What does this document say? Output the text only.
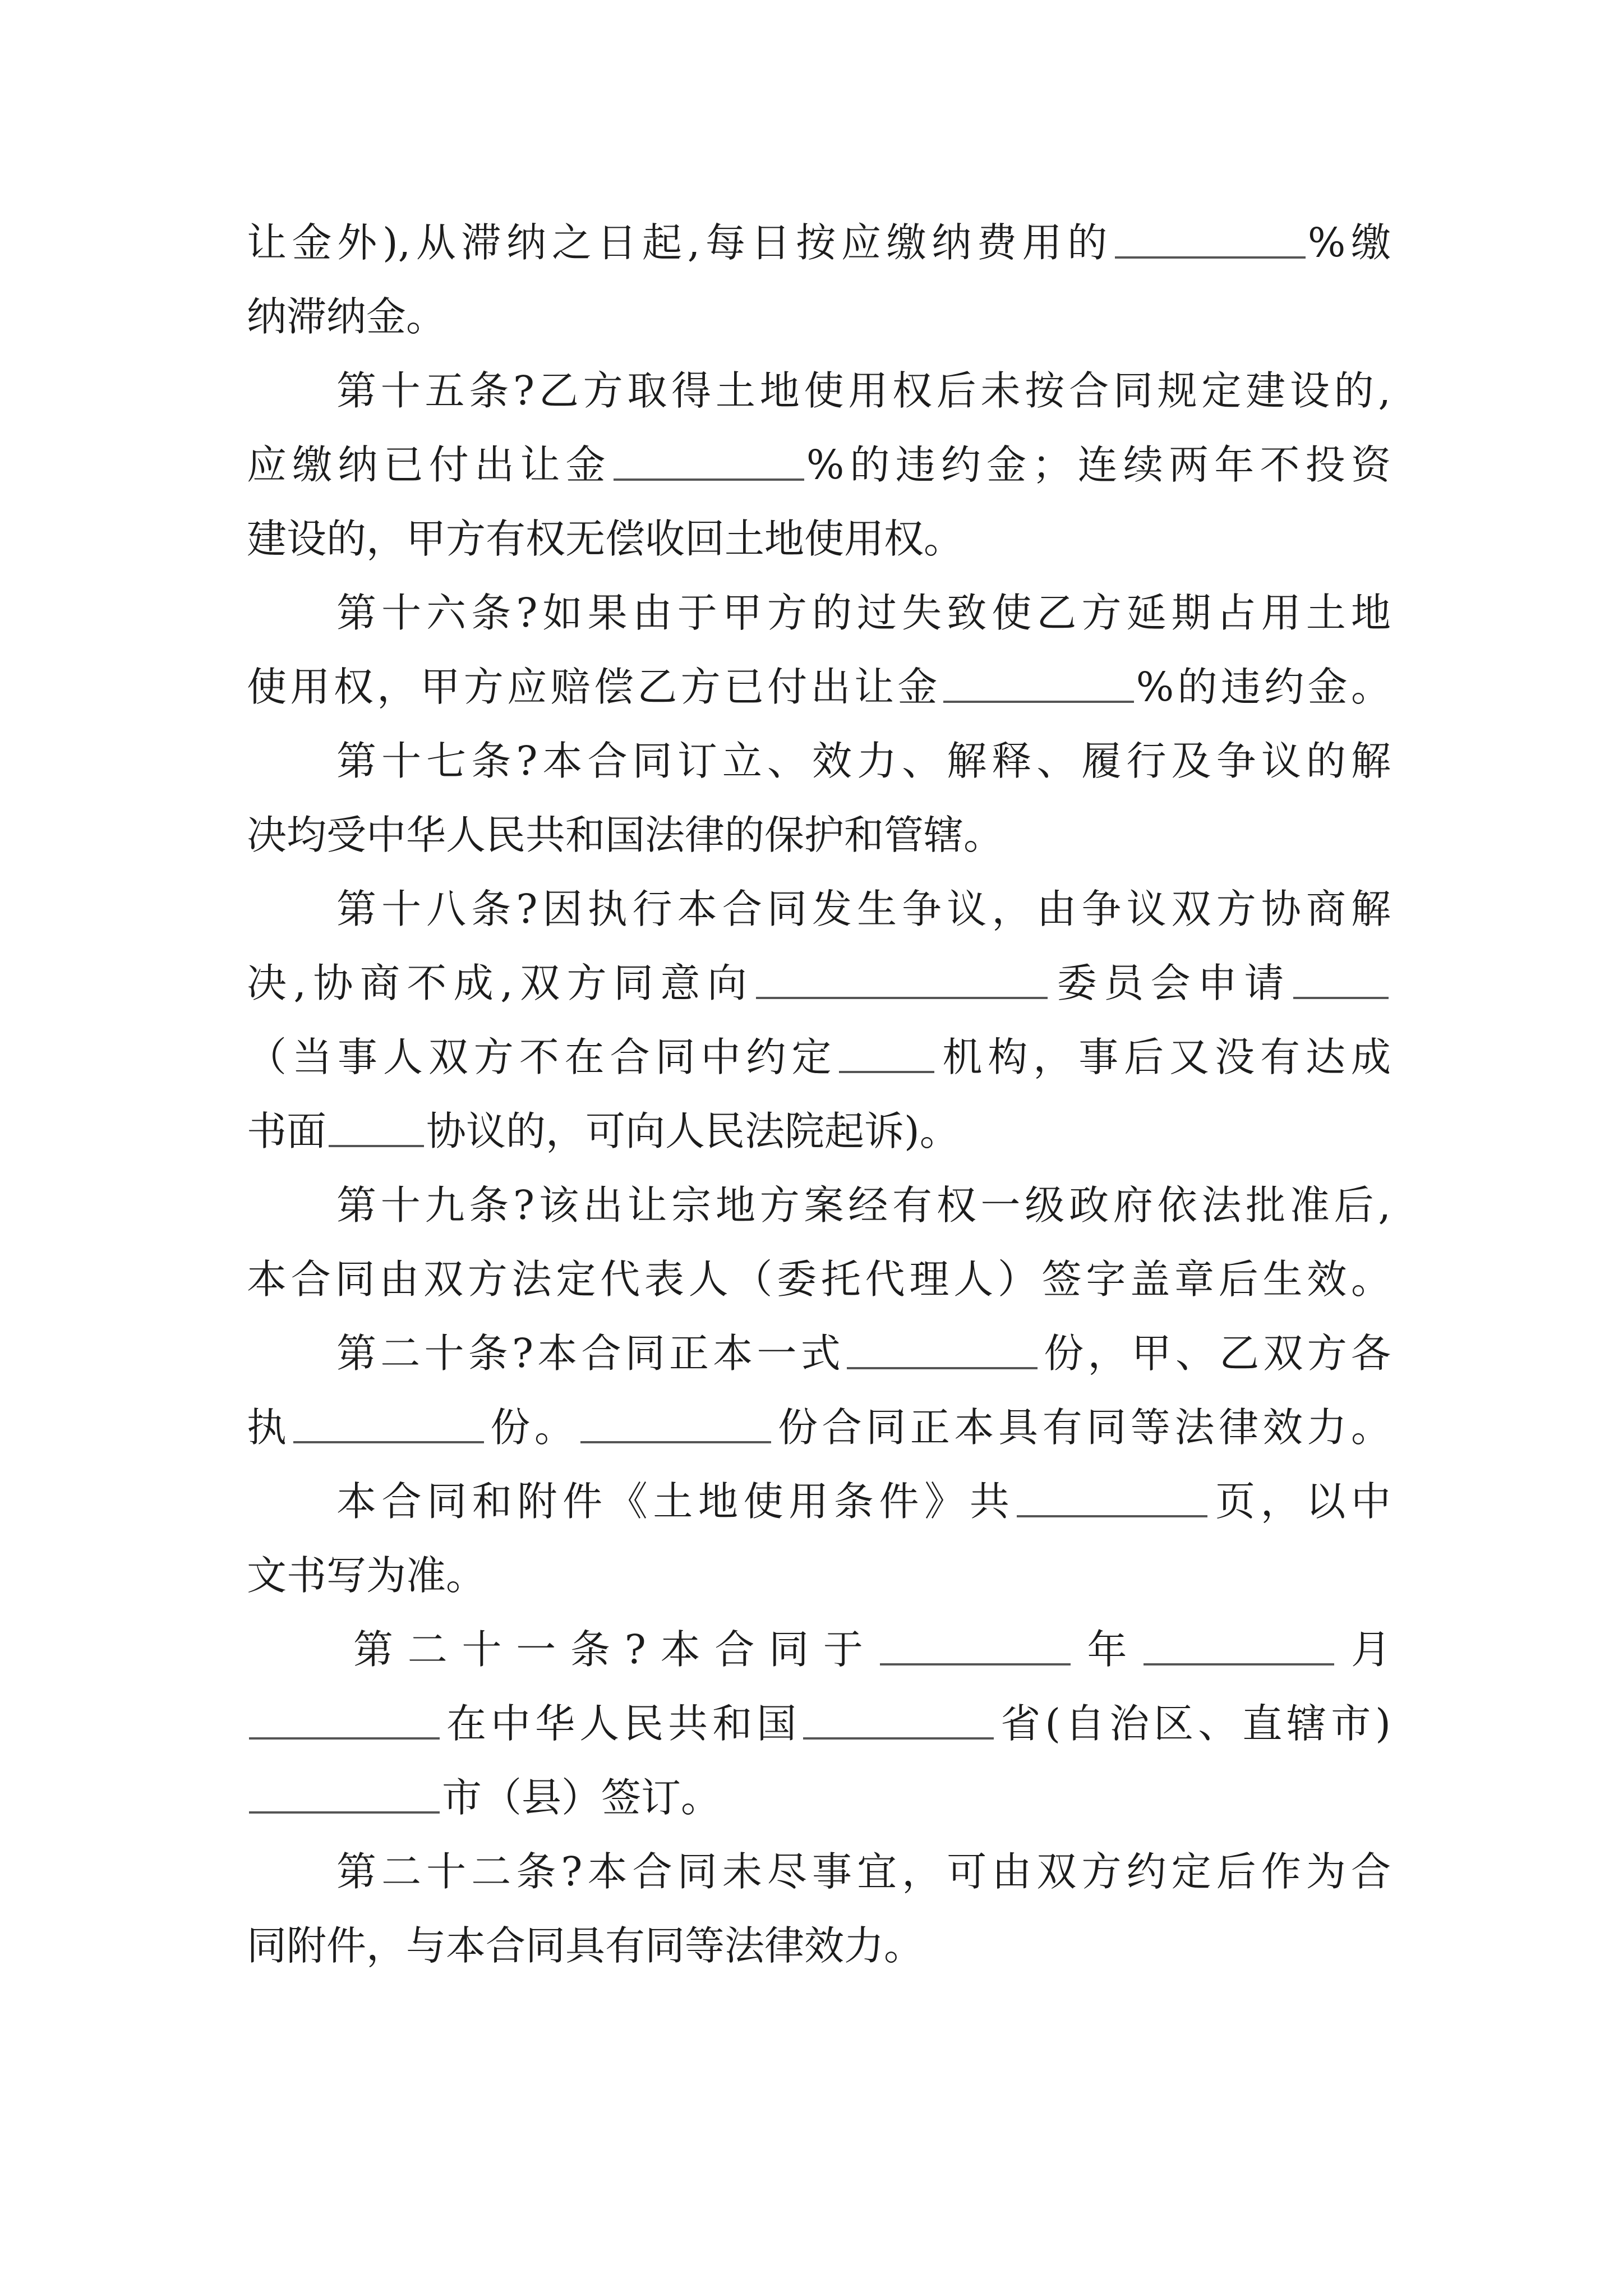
让金外),从滞纳之日起,每日按应缴纳费用的	%缴
纳滞纳金。
第十五条?乙方取得土地使用权后未按合同规定建设的,
应缴纳已付出让金	%的违约金；连续两年不投资
建设的，甲方有权无偿收回土地使用权。
第十六条?如果由于甲方的过失致使乙方延期占用土地
使用权，甲方应赔偿乙方已付出让金	%的违约金。
第十七条?本合同订立、效力、解释、履行及争议的解
决均受中华人民共和国法律的保护和管辖。
第十八条?因执行本合同发生争议，由争议双方协商解
决,协商不成,双方同意向	委员会申请
（当事人双方不在合同中约定	机构，事后又没有达成
书面	协议的，可向人民法院起诉)。
第十九条?该出让宗地方案经有权一级政府依法批准后,
本合同由双方法定代表人（委托代理人）签字盖章后生效。
第二十条?本合同正本一式	份，甲、乙双方各
执	份。	份合同正本具有同等法律效力。
本合同和附件《土地使用条件》共	页，以中
文书写为准。
第二十一条?本合同于	年	月
在中华人民共和国	省(自治区、直辖市)
市（县）签订。
第二十二条?本合同未尽事宜，可由双方约定后作为合
同附件，与本合同具有同等法律效力。
